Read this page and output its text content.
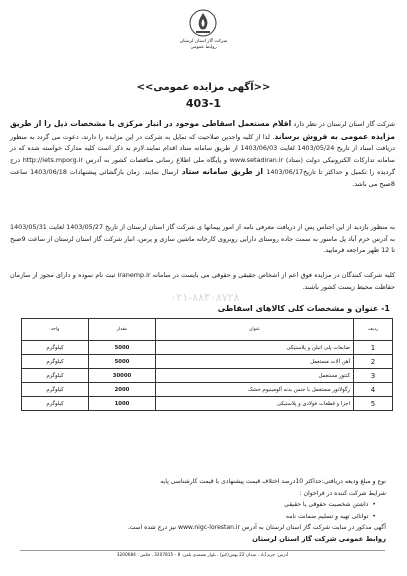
شرکت گاز استان لرستان
روابط عمومی
<<آگهی مزایده عمومی>>
403-1
شرکت گاز استان لرستان در نظر دارد اقلام مستعمل اسقاطی موجود در انبار مرکزی با مشخصات ذیل را از طریق مزایده عمومی به فروش برساند. لذا از کلیه واجدین صلاحیت که تمایل به شرکت در این مزایده را دارند، دعوت می گردد به منظور دریافت اسناد از تاریخ 1403/05/24 لغایت 1403/06/03 از طریق سامانه ستاد اقدام نمایند.لازم به ذکر است کلیه مدارک خواسته شده که در سامانه تدارکات الکترونیکی دولت (ستاد) www.setadiran.ir و پایگاه ملی اطلاع رسانی مناقصات کشور به آدرس http://iets.mporg.ir درج گردیده را تکمیل و حداکثر تا تاریخ1403/06/17 از طریق سامانه ستاد ارسال نمایند. زمان بازگشائی پیشنهادات 1403/06/18 ساعت 8صبح می باشد.
به منظور بازدید از این اجناس پس از دریافت معرفی نامه از امور پیمانها ی شرکت گاز استان لرستان از تاریخ 1403/05/27 لغایت 1403/05/31 به آدرس خرم آباد پل ماسور به سمت جاده روستای دارایی روبروی کارخانه ماشین سازی و پرس، انبار شرکت گاز استان لرستان از ساعت 9صبح تا 12 ظهر مراجعه فرمایید.
کلیه شرکت کنندگان در مزایده فوق اعم از اشخاص حقیقی و حقوقی می بایست در سامانه iranemp.ir ثبت نام نموده و دارای مجوز از سازمان حفاظت محیط زیست کشور باشند.
۰۲۱-۸۸۳۰۸۷۲۸
1- عنوان و مشخصات کلی کالاهای اسقاطی
ردیف	عنوان	مقدار	واحد
1	ضایعات پلی اتیلن و پلاستیکی	5000	کیلوگرم
2	آهن آلات مستعمل	5000	کیلوگرم
3	کنتور مستعمل	30000	کیلوگرم
4	رگولاتور مستعمل با جنس بدنه آلومینیوم خشک	2000	کیلوگرم
5	اجزا و قطعات فولادی و پلاستیکی	1000	کیلوگرم
نوع و مبلغ ودیعه دریافتی:حداکثر 10درصد اختلاف قیمت پیشنهادی با قیمت کارشناسی پایه
شرایط شرکت کننده در فراخوان :
• داشتن شخصیت حقوقی یا حقیقی
• توانائی تهیه و تسلیم ضمانت نامه
آگهی مذکور در سایت شرکت گاز استان لرستان به آدرس www.nigc-lorestan.ir نیز درج شده است.
روابط عمومی شرکت گاز استان لرستان
آدرس: خرم آباد ، میدان 22 بهمن(کیو) ، بلوار معتمدی تلفن: 8 - 3207815 ، فکس : 3200684
